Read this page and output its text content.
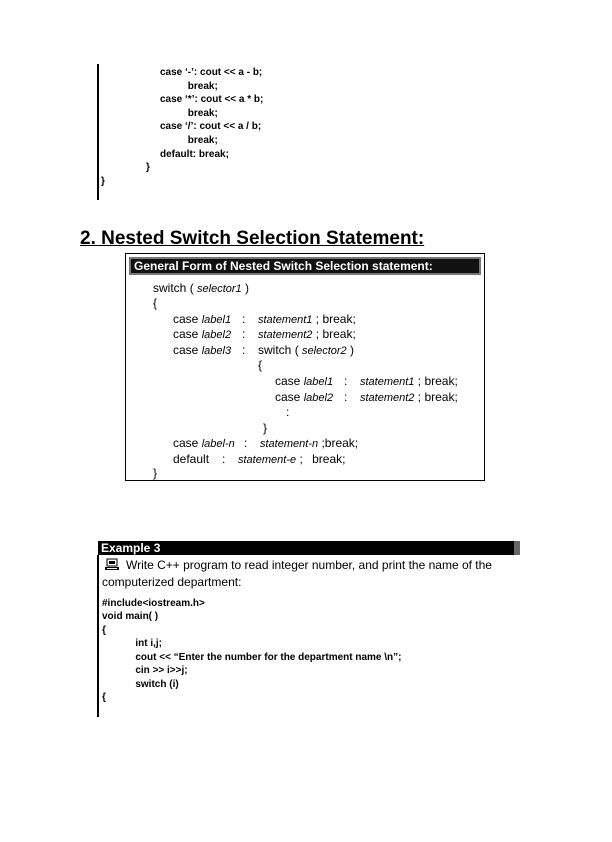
case ‘-’: cout << a - b;
break;
case ‘*’: cout << a * b;
break;
case ‘/’: cout << a / b;
break;
default: break;
}
}
2. Nested Switch Selection Statement:
General Form of Nested Switch Selection statement:
switch ( selector1 )
{
case label1 : statement1 ; break;
case label2 : statement2 ; break;
case label3 : switch ( selector2 )
{
case label1 : statement1 ; break;
case label2 : statement2 ; break;
:
}
case label-n : statement-n ;break;
default : statement-e ; break;
}
Example 3
Write C++ program to read integer number, and print the name of the
computerized department:
#include<iostream.h>
void main( )
{
int i,j;
cout << “Enter the number for the department name \n”;
cin >> i>>j;
switch (i)
{
